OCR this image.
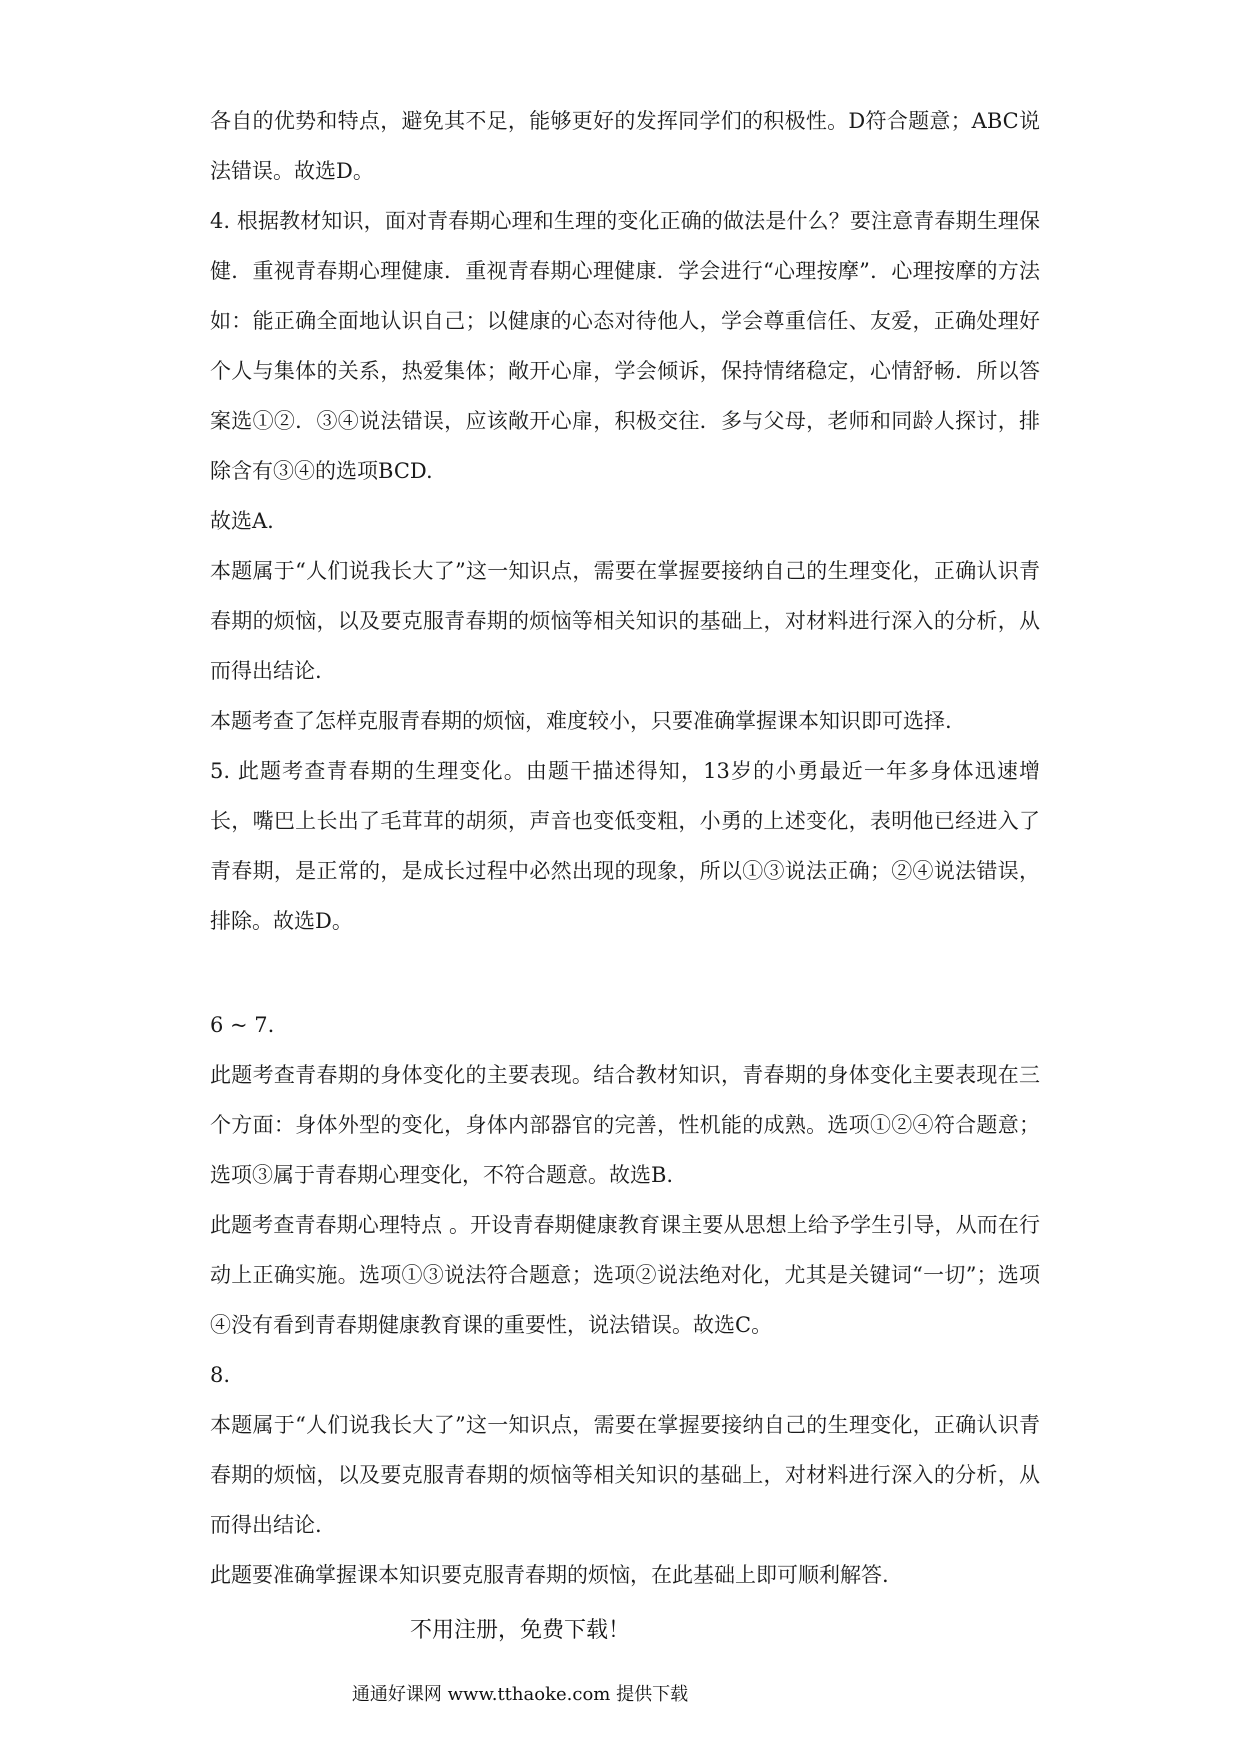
各自的优势和特点，避免其不足，能够更好的发挥同学们的积极性。D符合题意；ABC说法错误。故选D。

4. 根据教材知识，面对青春期心理和生理的变化正确的做法是什么？要注意青春期生理保健．重视青春期心理健康．重视青春期心理健康．学会进行“心理按摩”．心理按摩的方法如：能正确全面地认识自己；以健康的心态对待他人，学会尊重信任、友爱，正确处理好个人与集体的关系，热爱集体；敞开心扉，学会倾诉，保持情绪稳定，心情舒畅．所以答案选①②．③④说法错误，应该敞开心扉，积极交往．多与父母，老师和同龄人探讨，排除含有③④的选项BCD.

故选A.

本题属于“人们说我长大了”这一知识点，需要在掌握要接纳自己的生理变化，正确认识青春期的烦恼，以及要克服青春期的烦恼等相关知识的基础上，对材料进行深入的分析，从而得出结论.

本题考查了怎样克服青春期的烦恼，难度较小，只要准确掌握课本知识即可选择.

5. 此题考查青春期的生理变化。由题干描述得知，13岁的小勇最近一年多身体迅速增长，嘴巴上长出了毛茸茸的胡须，声音也变低变粗，小勇的上述变化，表明他已经进入了青春期，是正常的，是成长过程中必然出现的现象，所以①③说法正确；②④说法错误，排除。故选D。

6 ~ 7.

此题考查青春期的身体变化的主要表现。结合教材知识，青春期的身体变化主要表现在三个方面：身体外型的变化，身体内部器官的完善，性机能的成熟。选项①②④符合题意；选项③属于青春期心理变化，不符合题意。故选B.

此题考查青春期心理特点 。开设青春期健康教育课主要从思想上给予学生引导，从而在行动上正确实施。选项①③说法符合题意；选项②说法绝对化，尤其是关键词“一切”；选项④没有看到青春期健康教育课的重要性，说法错误。故选C。

8.

本题属于“人们说我长大了”这一知识点，需要在掌握要接纳自己的生理变化，正确认识青春期的烦恼，以及要克服青春期的烦恼等相关知识的基础上，对材料进行深入的分析，从而得出结论.

此题要准确掌握课本知识要克服青春期的烦恼，在此基础上即可顺利解答.

不用注册，免费下载！
通通好课网 www.tthaoke.com 提供下载
